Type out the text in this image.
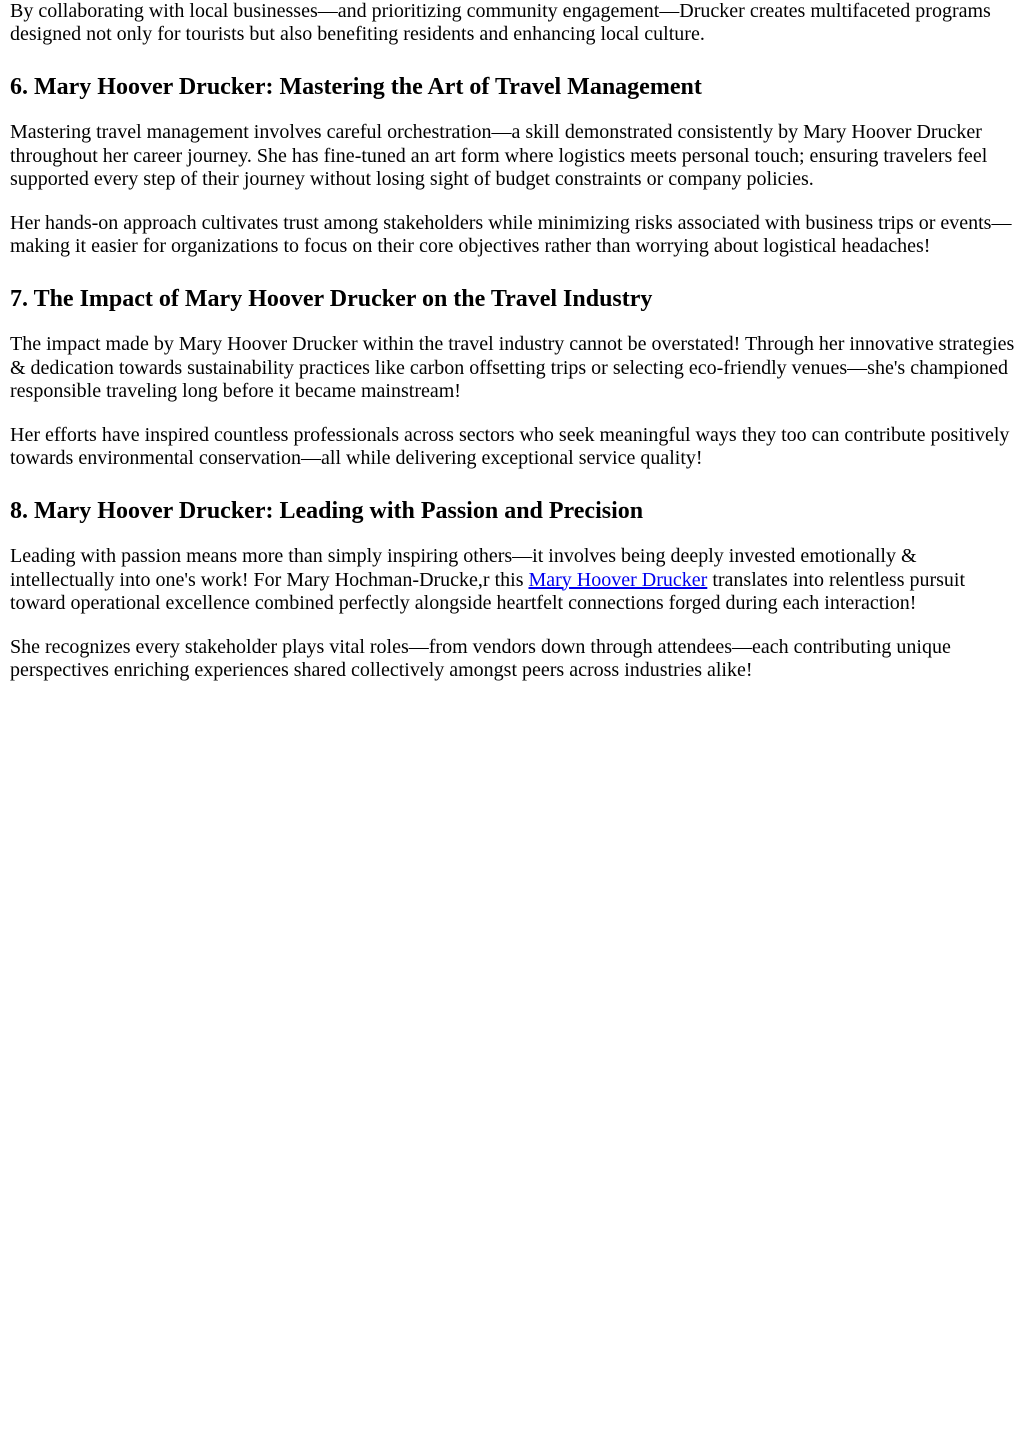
By collaborating with local businesses—and prioritizing community engagement—Drucker creates multifaceted programs designed not only for tourists but also benefiting residents and enhancing local culture.

6. Mary Hoover Drucker: Mastering the Art of Travel Management

Mastering travel management involves careful orchestration—a skill demonstrated consistently by Mary Hoover Drucker throughout her career journey. She has fine-tuned an art form where logistics meets personal touch; ensuring travelers feel supported every step of their journey without losing sight of budget constraints or company policies.

Her hands-on approach cultivates trust among stakeholders while minimizing risks associated with business trips or events—making it easier for organizations to focus on their core objectives rather than worrying about logistical headaches!

7. The Impact of Mary Hoover Drucker on the Travel Industry

The impact made by Mary Hoover Drucker within the travel industry cannot be overstated! Through her innovative strategies & dedication towards sustainability practices like carbon offsetting trips or selecting eco-friendly venues—she's championed responsible traveling long before it became mainstream!

Her efforts have inspired countless professionals across sectors who seek meaningful ways they too can contribute positively towards environmental conservation—all while delivering exceptional service quality!

8. Mary Hoover Drucker: Leading with Passion and Precision

Leading with passion means more than simply inspiring others—it involves being deeply invested emotionally & intellectually into one's work! For Mary Hochman-Drucke,r this Mary Hoover Drucker translates into relentless pursuit toward operational excellence combined perfectly alongside heartfelt connections forged during each interaction!

She recognizes every stakeholder plays vital roles—from vendors down through attendees—each contributing unique perspectives enriching experiences shared collectively amongst peers across industries alike!
